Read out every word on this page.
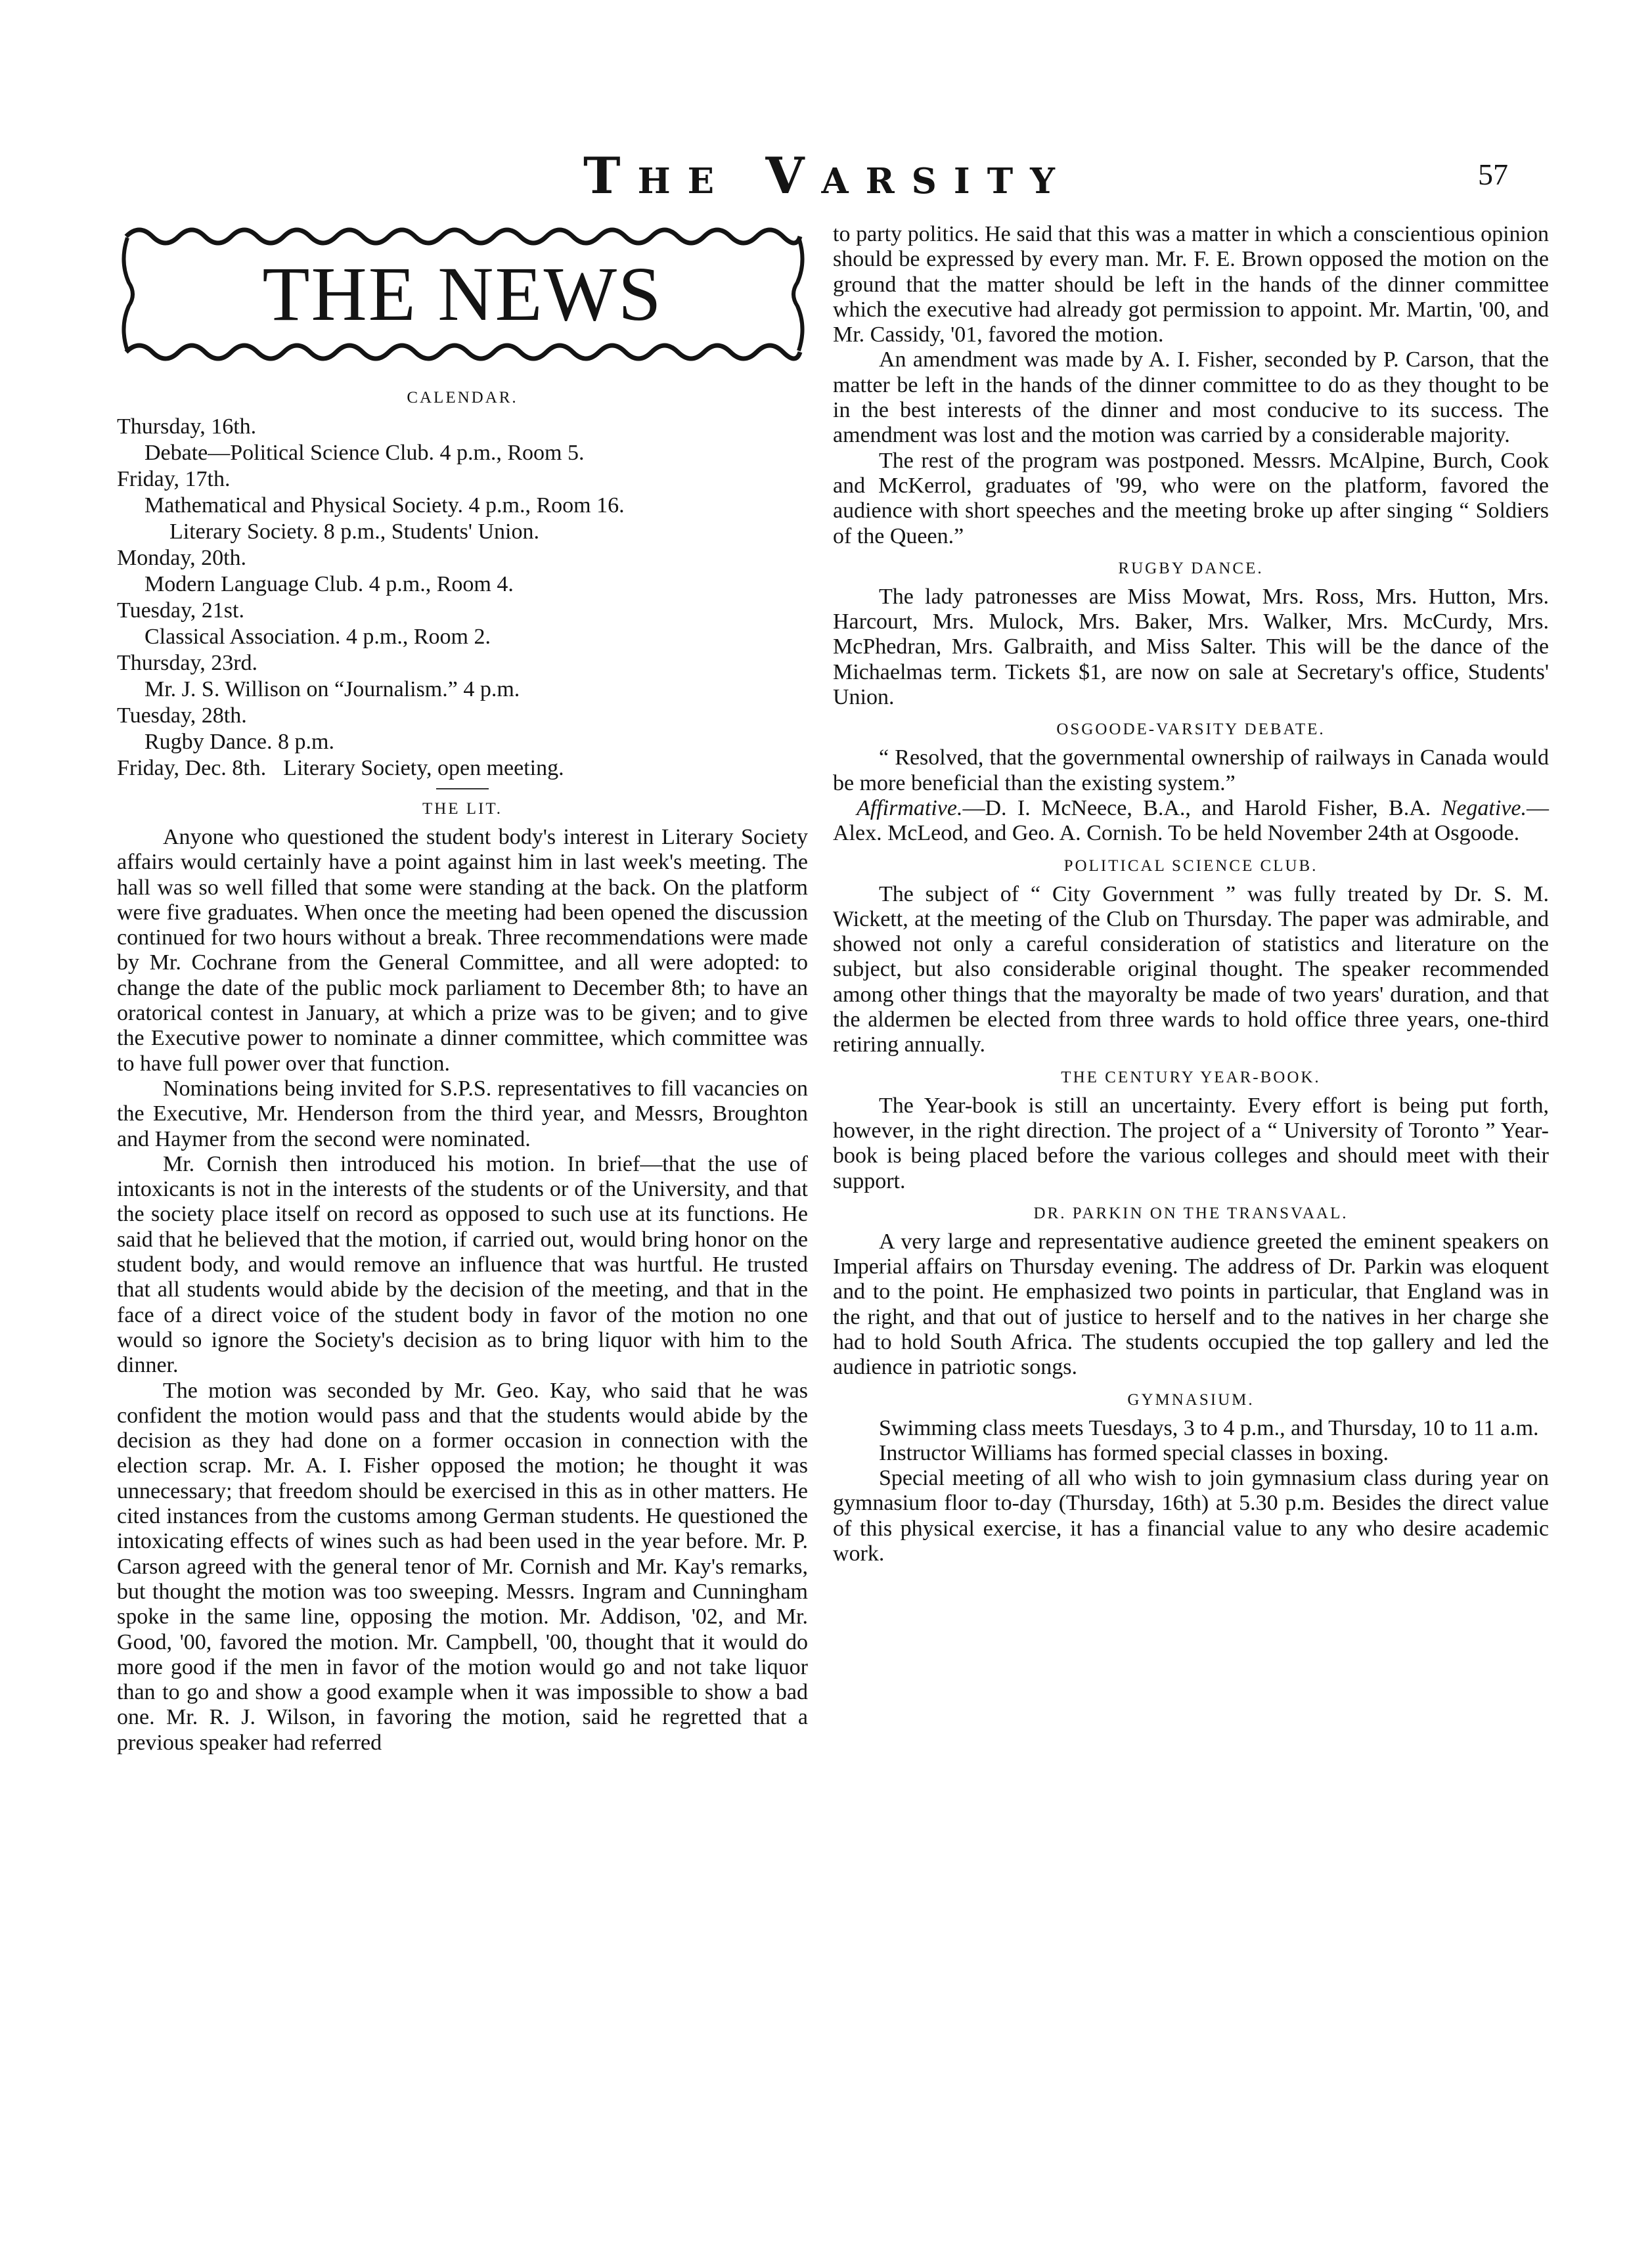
The Varsity	57
THE NEWS
CALENDAR.
Thursday, 16th.
Debate—Political Science Club. 4 p.m., Room 5.
Friday, 17th.
Mathematical and Physical Society. 4 p.m., Room 16.
Literary Society. 8 p.m., Students' Union.
Monday, 20th.
Modern Language Club. 4 p.m., Room 4.
Tuesday, 21st.
Classical Association. 4 p.m., Room 2.
Thursday, 23rd.
Mr. J. S. Willison on “Journalism.” 4 p.m.
Tuesday, 28th.
Rugby Dance. 8 p.m.
Friday, Dec. 8th. Literary Society, open meeting.
THE LIT.

Anyone who questioned the student body's interest in Literary Society affairs would certainly have a point against him in last week's meeting. The hall was so well filled that some were standing at the back. On the platform were five graduates. When once the meeting had been opened the discussion continued for two hours without a break. Three recommendations were made by Mr. Cochrane from the General Committee, and all were adopted: to change the date of the public mock parliament to December 8th; to have an oratorical contest in January, at which a prize was to be given; and to give the Executive power to nominate a dinner committee, which committee was to have full power over that function.

Nominations being invited for S.P.S. representatives to fill vacancies on the Executive, Mr. Henderson from the third year, and Messrs, Broughton and Haymer from the second were nominated.

Mr. Cornish then introduced his motion. In brief—that the use of intoxicants is not in the interests of the students or of the University, and that the society place itself on record as opposed to such use at its functions. He said that he believed that the motion, if carried out, would bring honor on the student body, and would remove an influence that was hurtful. He trusted that all students would abide by the decision of the meeting, and that in the face of a direct voice of the student body in favor of the motion no one would so ignore the Society's decision as to bring liquor with him to the dinner.

The motion was seconded by Mr. Geo. Kay, who said that he was confident the motion would pass and that the students would abide by the decision as they had done on a former occasion in connection with the election scrap. Mr. A. I. Fisher opposed the motion; he thought it was unnecessary; that freedom should be exercised in this as in other matters. He cited instances from the customs among German students. He questioned the intoxicating effects of wines such as had been used in the year before. Mr. P. Carson agreed with the general tenor of Mr. Cornish and Mr. Kay's remarks, but thought the motion was too sweeping. Messrs. Ingram and Cunningham spoke in the same line, opposing the motion. Mr. Addison, '02, and Mr. Good, '00, favored the motion. Mr. Campbell, '00, thought that it would do more good if the men in favor of the motion would go and not take liquor than to go and show a good example when it was impossible to show a bad one. Mr. R. J. Wilson, in favoring the motion, said he regretted that a previous speaker had referred

to party politics. He said that this was a matter in which a conscientious opinion should be expressed by every man. Mr. F. E. Brown opposed the motion on the ground that the matter should be left in the hands of the dinner committee which the executive had already got permission to appoint. Mr. Martin, '00, and Mr. Cassidy, '01, favored the motion.

An amendment was made by A. I. Fisher, seconded by P. Carson, that the matter be left in the hands of the dinner committee to do as they thought to be in the best interests of the dinner and most conducive to its success. The amendment was lost and the motion was carried by a considerable majority.

The rest of the program was postponed. Messrs. McAlpine, Burch, Cook and McKerrol, graduates of '99, who were on the platform, favored the audience with short speeches and the meeting broke up after singing “ Soldiers of the Queen.”

RUGBY DANCE.

The lady patronesses are Miss Mowat, Mrs. Ross, Mrs. Hutton, Mrs. Harcourt, Mrs. Mulock, Mrs. Baker, Mrs. Walker, Mrs. McCurdy, Mrs. McPhedran, Mrs. Galbraith, and Miss Salter. This will be the dance of the Michaelmas term. Tickets $1, are now on sale at Secretary's office, Students' Union.

OSGOODE-VARSITY DEBATE.

“ Resolved, that the governmental ownership of railways in Canada would be more beneficial than the existing system.”

Affirmative.—D. I. McNeece, B.A., and Harold Fisher, B.A. Negative.—Alex. McLeod, and Geo. A. Cornish. To be held November 24th at Osgoode.
POLITICAL SCIENCE CLUB.

The subject of “ City Government ” was fully treated by Dr. S. M. Wickett, at the meeting of the Club on Thursday. The paper was admirable, and showed not only a careful consideration of statistics and literature on the subject, but also considerable original thought. The speaker recommended among other things that the mayoralty be made of two years' duration, and that the aldermen be elected from three wards to hold office three years, one-third retiring annually.

THE CENTURY YEAR-BOOK.

The Year-book is still an uncertainty. Every effort is being put forth, however, in the right direction. The project of a “ University of Toronto ” Year-book is being placed before the various colleges and should meet with their support.

DR. PARKIN ON THE TRANSVAAL.

A very large and representative audience greeted the eminent speakers on Imperial affairs on Thursday evening. The address of Dr. Parkin was eloquent and to the point. He emphasized two points in particular, that England was in the right, and that out of justice to herself and to the natives in her charge she had to hold South Africa. The students occupied the top gallery and led the audience in patriotic songs.

GYMNASIUM.

Swimming class meets Tuesdays, 3 to 4 p.m., and Thursday, 10 to 11 a.m.

Instructor Williams has formed special classes in boxing.

Special meeting of all who wish to join gymnasium class during year on gymnasium floor to-day (Thursday, 16th) at 5.30 p.m. Besides the direct value of this physical exercise, it has a financial value to any who desire academic work.
